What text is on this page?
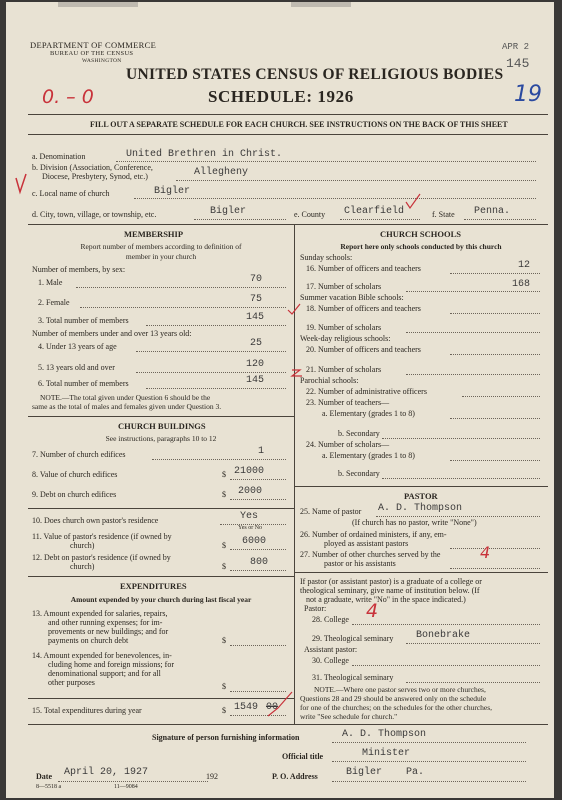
DEPARTMENT OF COMMERCE
BUREAU OF THE CENSUS
WASHINGTON
UNITED STATES CENSUS OF RELIGIOUS BODIES
SCHEDULE: 1926
0. – 0
APR 2
145
19
FILL OUT A SEPARATE SCHEDULE FOR EACH CHURCH. SEE INSTRUCTIONS ON THE BACK OF THIS SHEET
a. Denomination	United Brethren in Christ.
b. Division (Association, Conference,
Diocese, Presbytery, Synod, etc.)	Allegheny
c. Local name of church	Bigler
d. City, town, village, or township, etc.	Bigler	e. County Clearfield	f. State Penna.
MEMBERSHIP
Report number of members according to definition of
member in your church
Number of members, by sex:
1. Male	70
2. Female	75
3. Total number of members	145
Number of members under and over 13 years old:
4. Under 13 years of age	25
5. 13 years old and over	120
6. Total number of members	145
NOTE.—The total given under Question 6 should be the
same as the total of males and females given under Question 3.
CHURCH BUILDINGS
See instructions, paragraphs 10 to 12
7. Number of church edifices	1
8. Value of church edifices	$ 21000
9. Debt on church edifices	$ 2000
10. Does church own pastor's residence	Yes
Yes or No
11. Value of pastor's residence (if owned by
church)	$ 6000
12. Debt on pastor's residence (if owned by
church)	$ 800
EXPENDITURES
Amount expended by your church during last fiscal year
13. Amount expended for salaries, repairs,
and other running expenses; for im-
provements or new buildings; and for
payments on church debt	$
14. Amount expended for benevolences, in-
cluding home and foreign missions; for
denominational support; and for all
other purposes	$
15. Total expenditures during year	$ 1549 00
CHURCH SCHOOLS
Report here only schools conducted by this church
Sunday schools:
16. Number of officers and teachers	12
17. Number of scholars	168
Summer vacation Bible schools:
18. Number of officers and teachers
19. Number of scholars
Week-day religious schools:
20. Number of officers and teachers
21. Number of scholars
Parochial schools:
22. Number of administrative officers
23. Number of teachers—
a. Elementary (grades 1 to 8)
b. Secondary
24. Number of scholars—
a. Elementary (grades 1 to 8)
b. Secondary
PASTOR
25. Name of pastor A. D. Thompson
(If church has no pastor, write "None")
26. Number of ordained ministers, if any, em-
ployed as assistant pastors
27. Number of other churches served by the
pastor or his assistants
4
If pastor (or assistant pastor) is a graduate of a college or
theological seminary, give name of institution below. (If
not a graduate, write "No" in the space indicated.)
Pastor:
28. College 4
29. Theological seminary Bonebrake
Assistant pastor:
30. College
31. Theological seminary
NOTE.—Where one pastor serves two or more churches,
Questions 28 and 29 should be answered only on the schedule
for one of the churches; on the schedules for the other churches,
write "See schedule for church."
Signature of person furnishing information	A. D. Thompson
Official title	Minister
Date April 20, 1927	192
8—5518 a	11—9084
P. O. Address	Bigler    Pa.
